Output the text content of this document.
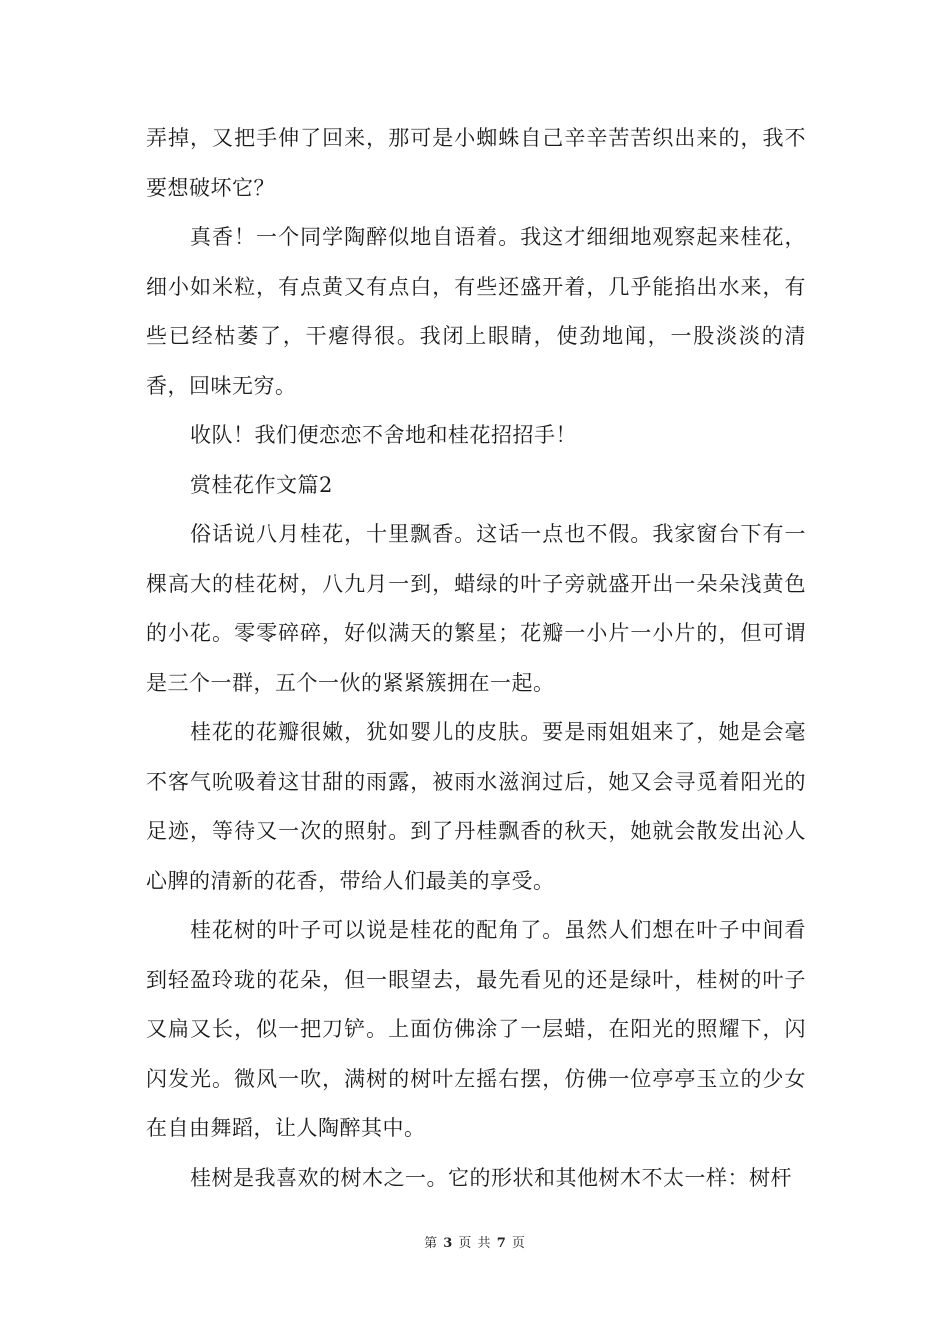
弄掉，又把手伸了回来，那可是小蜘蛛自己辛辛苦苦织出来的，我不要想破坏它？

真香！一个同学陶醉似地自语着。我这才细细地观察起来桂花，细小如米粒，有点黄又有点白，有些还盛开着，几乎能掐出水来，有些已经枯萎了，干瘪得很。我闭上眼睛，使劲地闻，一股淡淡的清香，回味无穷。

收队！我们便恋恋不舍地和桂花招招手！

赏桂花作文篇2

俗话说八月桂花，十里飘香。这话一点也不假。我家窗台下有一棵高大的桂花树，八九月一到，蜡绿的叶子旁就盛开出一朵朵浅黄色的小花。零零碎碎，好似满天的繁星；花瓣一小片一小片的，但可谓是三个一群，五个一伙的紧紧簇拥在一起。

桂花的花瓣很嫩，犹如婴儿的皮肤。要是雨姐姐来了，她是会毫不客气吮吸着这甘甜的雨露，被雨水滋润过后，她又会寻觅着阳光的足迹，等待又一次的照射。到了丹桂飘香的秋天，她就会散发出沁人心脾的清新的花香，带给人们最美的享受。

桂花树的叶子可以说是桂花的配角了。虽然人们想在叶子中间看到轻盈玲珑的花朵，但一眼望去，最先看见的还是绿叶，桂树的叶子又扁又长，似一把刀铲。上面仿佛涂了一层蜡，在阳光的照耀下，闪闪发光。微风一吹，满树的树叶左摇右摆，仿佛一位亭亭玉立的少女在自由舞蹈，让人陶醉其中。

桂树是我喜欢的树木之一。它的形状和其他树木不太一样：树杆

第 3 页 共 7 页
